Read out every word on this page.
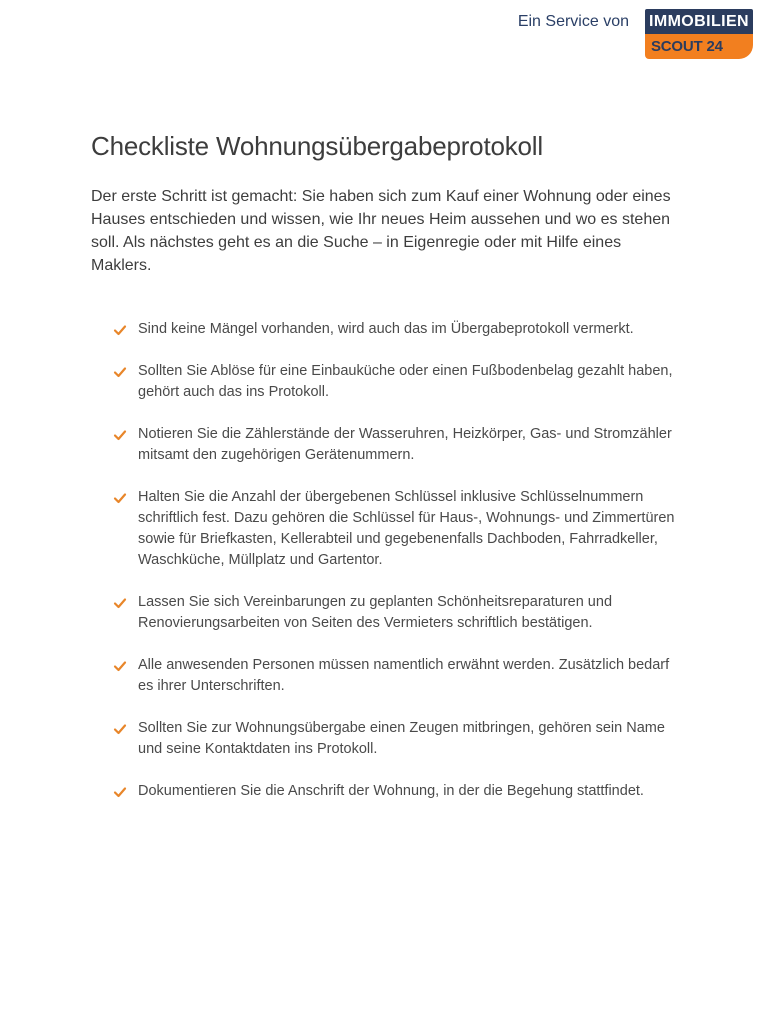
Ein Service von IMMOBILIEN
SCOUT 24
Checkliste Wohnungsübergabeprotokoll

Der erste Schritt ist gemacht: Sie haben sich zum Kauf einer Wohnung oder eines Hauses entschieden und wissen, wie Ihr neues Heim aussehen und wo es stehen soll. Als nächstes geht es an die Suche – in Eigenregie oder mit Hilfe eines Maklers.

Sind keine Mängel vorhanden, wird auch das im Übergabeprotokoll vermerkt.
Sollten Sie Ablöse für eine Einbauküche oder einen Fußbodenbelag gezahlt haben, gehört auch das ins Protokoll.
Notieren Sie die Zählerstände der Wasseruhren, Heizkörper, Gas- und Stromzähler mitsamt den zugehörigen Gerätenummern.
Halten Sie die Anzahl der übergebenen Schlüssel inklusive Schlüsselnummern schriftlich fest. Dazu gehören die Schlüssel für Haus-, Wohnungs- und Zimmertüren sowie für Briefkasten, Kellerabteil und gegebenenfalls Dachboden, Fahrradkeller, Waschküche, Müllplatz und Gartentor.
Lassen Sie sich Vereinbarungen zu geplanten Schönheitsreparaturen und Renovierungsarbeiten von Seiten des Vermieters schriftlich bestätigen.
Alle anwesenden Personen müssen namentlich erwähnt werden. Zusätzlich bedarf es ihrer Unterschriften.
Sollten Sie zur Wohnungsübergabe einen Zeugen mitbringen, gehören sein Name und seine Kontaktdaten ins Protokoll.
Dokumentieren Sie die Anschrift der Wohnung, in der die Begehung stattfindet.
